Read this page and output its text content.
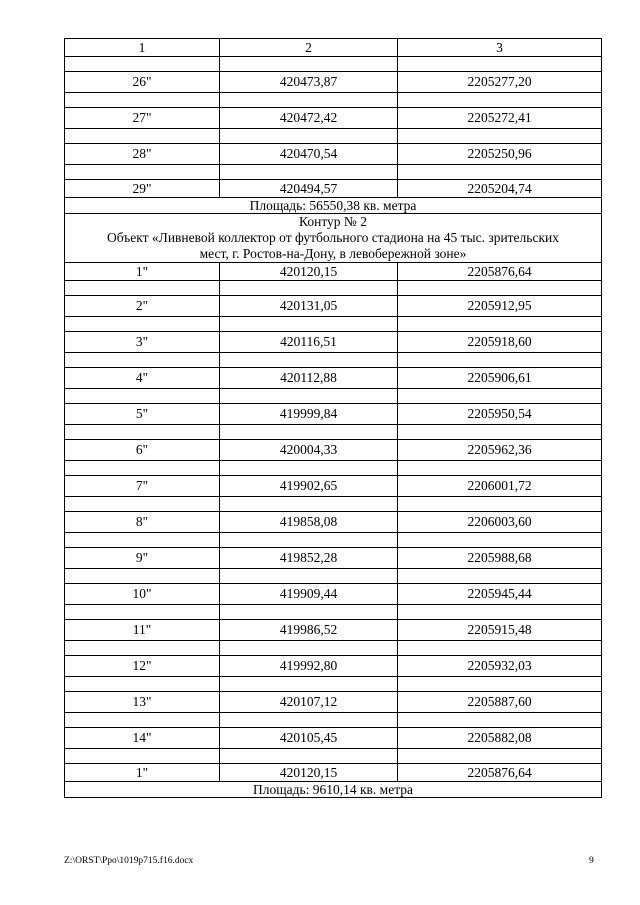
1	2	3

26"	420473,87	2205277,20

27"	420472,42	2205272,41

28"	420470,54	2205250,96

29"	420494,57	2205204,74
Площадь: 56550,38 кв. метра		

Контур № 2
Объект «Ливневой коллектор от футбольного стадиона на 45 тыс. зрительских
мест, г. Ростов-на-Дону, в левобережной зоне»		

1"	420120,15	2205876,64

2"	420131,05	2205912,95

3"	420116,51	2205918,60

4"	420112,88	2205906,61

5"	419999,84	2205950,54

6"	420004,33	2205962,36

7"	419902,65	2206001,72

8"	419858,08	2206003,60

9"	419852,28	2205988,68

10"	419909,44	2205945,44

11"	419986,52	2205915,48

12"	419992,80	2205932,03

13"	420107,12	2205887,60

14"	420105,45	2205882,08

1"	420120,15	2205876,64
Площадь: 9610,14 кв. метра		
Z:\ORST\Ppo\1019p715.f16.docx	9
